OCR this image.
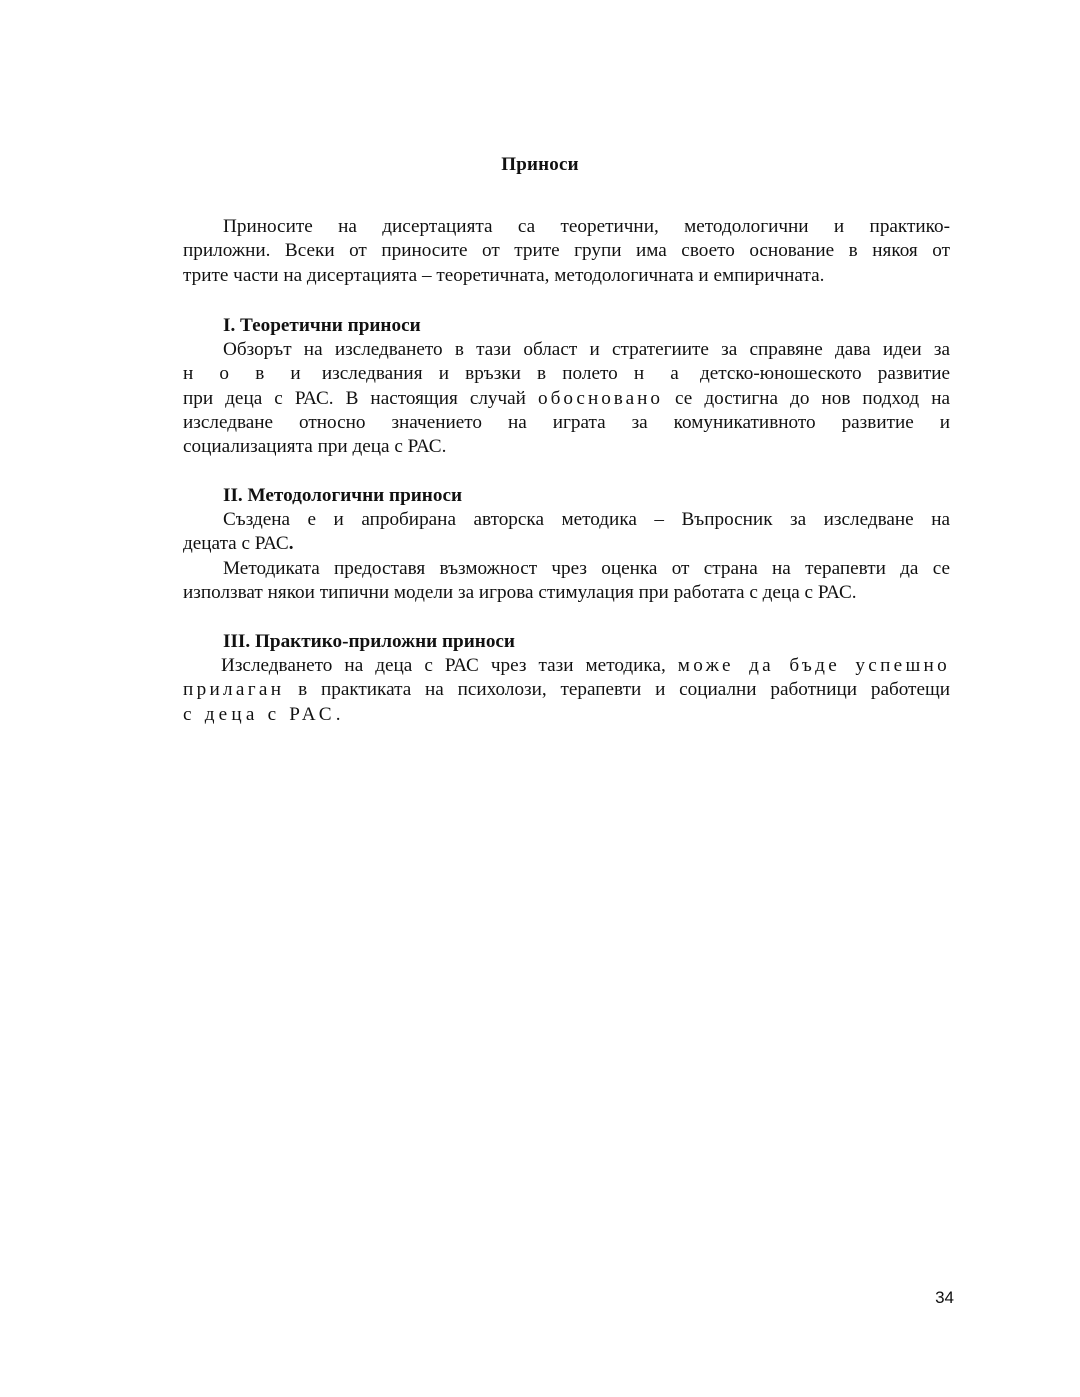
Приноси
Приносите на дисертацията са теоретични, методологични и практико-
приложни. Всеки от приносите от трите групи има своето основание в някоя от
трите части на дисертацията – теоретичната, методологичната и емпиричната.
I. Теоретични приноси
Обзорът на изследването в тази област и стратегиите за справяне дава идеи за
н о в и изследвания и връзки в полето н а детско-юношеското развитие
при деца с РАС. В настоящия случай обосновано се достигна до нов подход на
изследване относно значението на играта за комуникативното развитие и
социализацията при деца с РАС.
II. Методологични приноси
Създена е и апробирана авторска методика – Въпросник за изследване на
децата с РАС.
Методиката предоставя възможност чрез оценка от страна на терапевти да се
използват някои типични модели за игрова стимулация при работата с деца с РАС.
III. Практико-приложни приноси
Изследването на деца с РАС чрез тази методика, може да бъде успешно
прилаган в практиката на психолози, терапевти и социални работници работещи
с деца с РАС.
34
